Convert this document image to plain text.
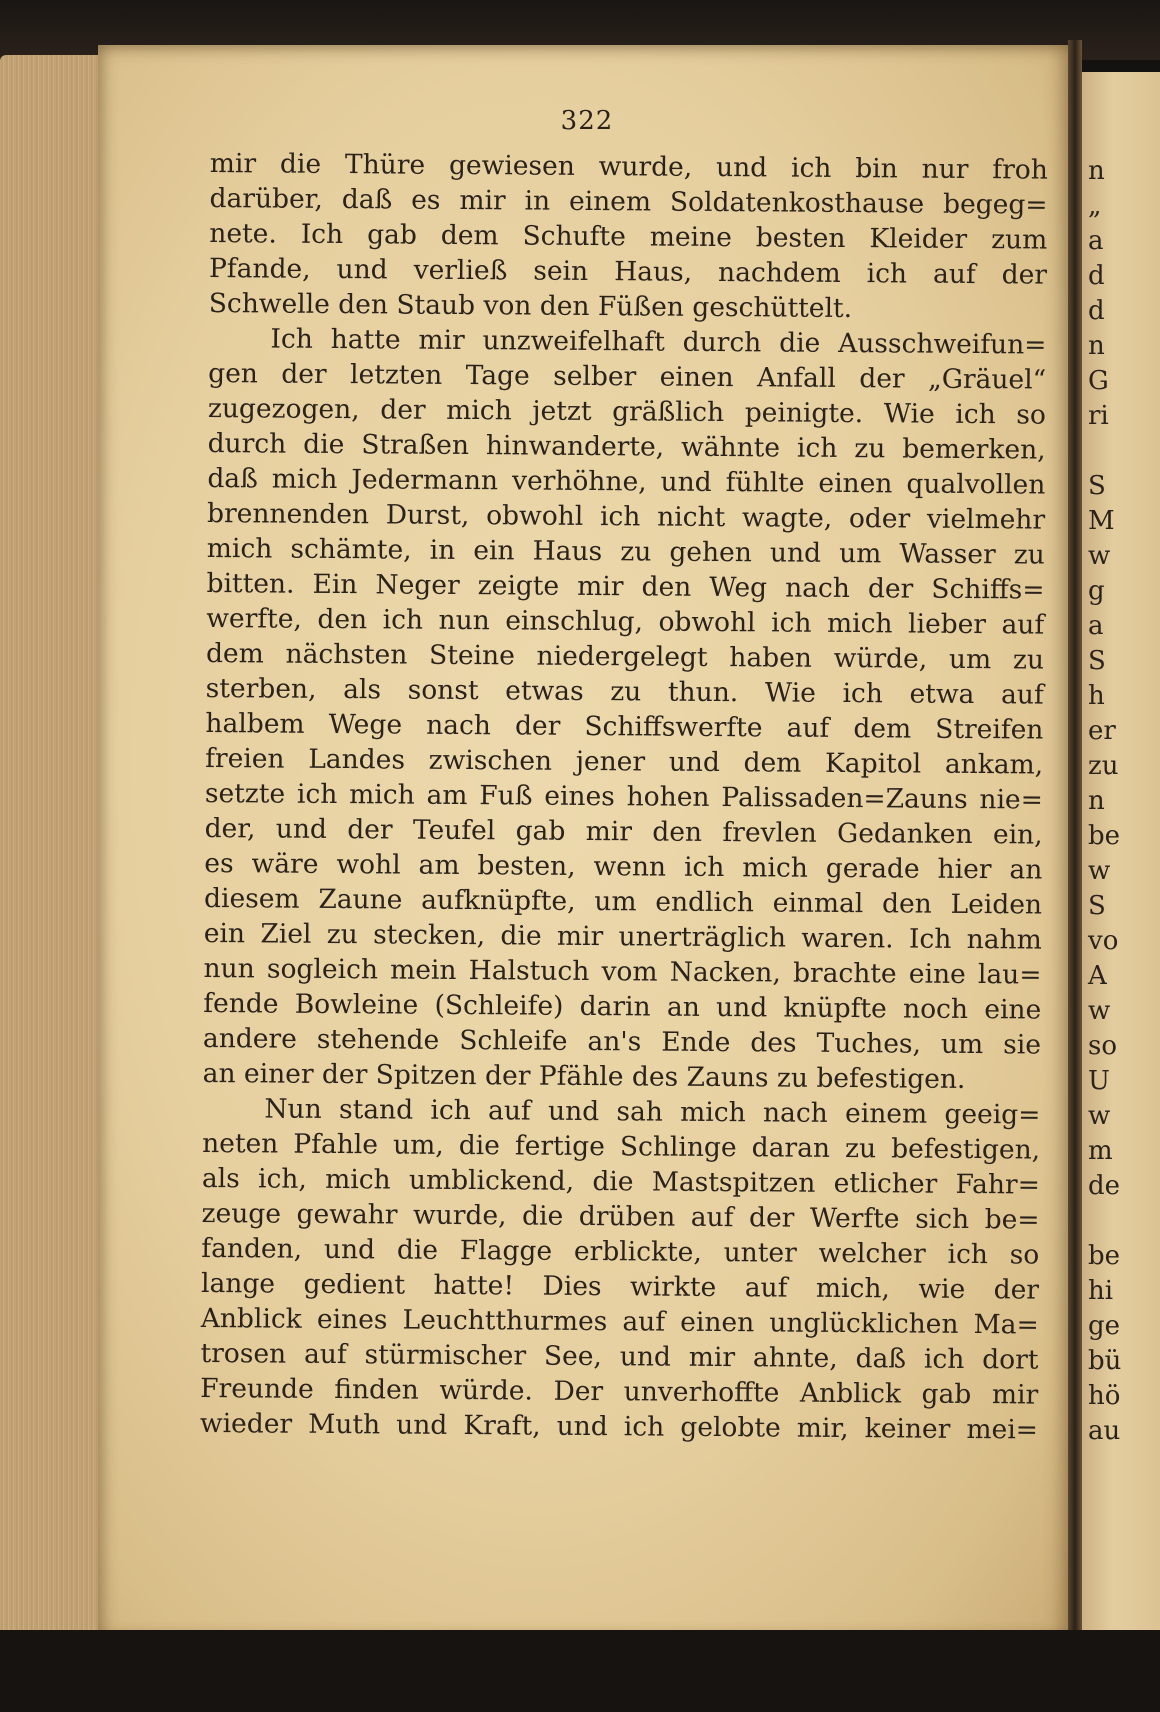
n
„
a
d
d
n
G
ri
S
M
w
g
a
S
h
er
zu
n
be
w
S
vo
A
w
so
U
w
m
de
be
hi
ge
bü
hö
au
322
mir die Thüre gewiesen wurde, und ich bin nur froh
darüber, daß es mir in einem Soldatenkosthause begeg=
nete. Ich gab dem Schufte meine besten Kleider zum
Pfande, und verließ sein Haus, nachdem ich auf der
Schwelle den Staub von den Füßen geschüttelt.
Ich hatte mir unzweifelhaft durch die Ausschweifun=
gen der letzten Tage selber einen Anfall der „Gräuel“
zugezogen, der mich jetzt gräßlich peinigte. Wie ich so
durch die Straßen hinwanderte, wähnte ich zu bemerken,
daß mich Jedermann verhöhne, und fühlte einen qualvollen
brennenden Durst, obwohl ich nicht wagte, oder vielmehr
mich schämte, in ein Haus zu gehen und um Wasser zu
bitten. Ein Neger zeigte mir den Weg nach der Schiffs=
werfte, den ich nun einschlug, obwohl ich mich lieber auf
dem nächsten Steine niedergelegt haben würde, um zu
sterben, als sonst etwas zu thun. Wie ich etwa auf
halbem Wege nach der Schiffswerfte auf dem Streifen
freien Landes zwischen jener und dem Kapitol ankam,
setzte ich mich am Fuß eines hohen Palissaden=Zauns nie=
der, und der Teufel gab mir den frevlen Gedanken ein,
es wäre wohl am besten, wenn ich mich gerade hier an
diesem Zaune aufknüpfte, um endlich einmal den Leiden
ein Ziel zu stecken, die mir unerträglich waren. Ich nahm
nun sogleich mein Halstuch vom Nacken, brachte eine lau=
fende Bowleine (Schleife) darin an und knüpfte noch eine
andere stehende Schleife an's Ende des Tuches, um sie
an einer der Spitzen der Pfähle des Zauns zu befestigen.
Nun stand ich auf und sah mich nach einem geeig=
neten Pfahle um, die fertige Schlinge daran zu befestigen,
als ich, mich umblickend, die Mastspitzen etlicher Fahr=
zeuge gewahr wurde, die drüben auf der Werfte sich be=
fanden, und die Flagge erblickte, unter welcher ich so
lange gedient hatte! Dies wirkte auf mich, wie der
Anblick eines Leuchtthurmes auf einen unglücklichen Ma=
trosen auf stürmischer See, und mir ahnte, daß ich dort
Freunde finden würde. Der unverhoffte Anblick gab mir
wieder Muth und Kraft, und ich gelobte mir, keiner mei=
